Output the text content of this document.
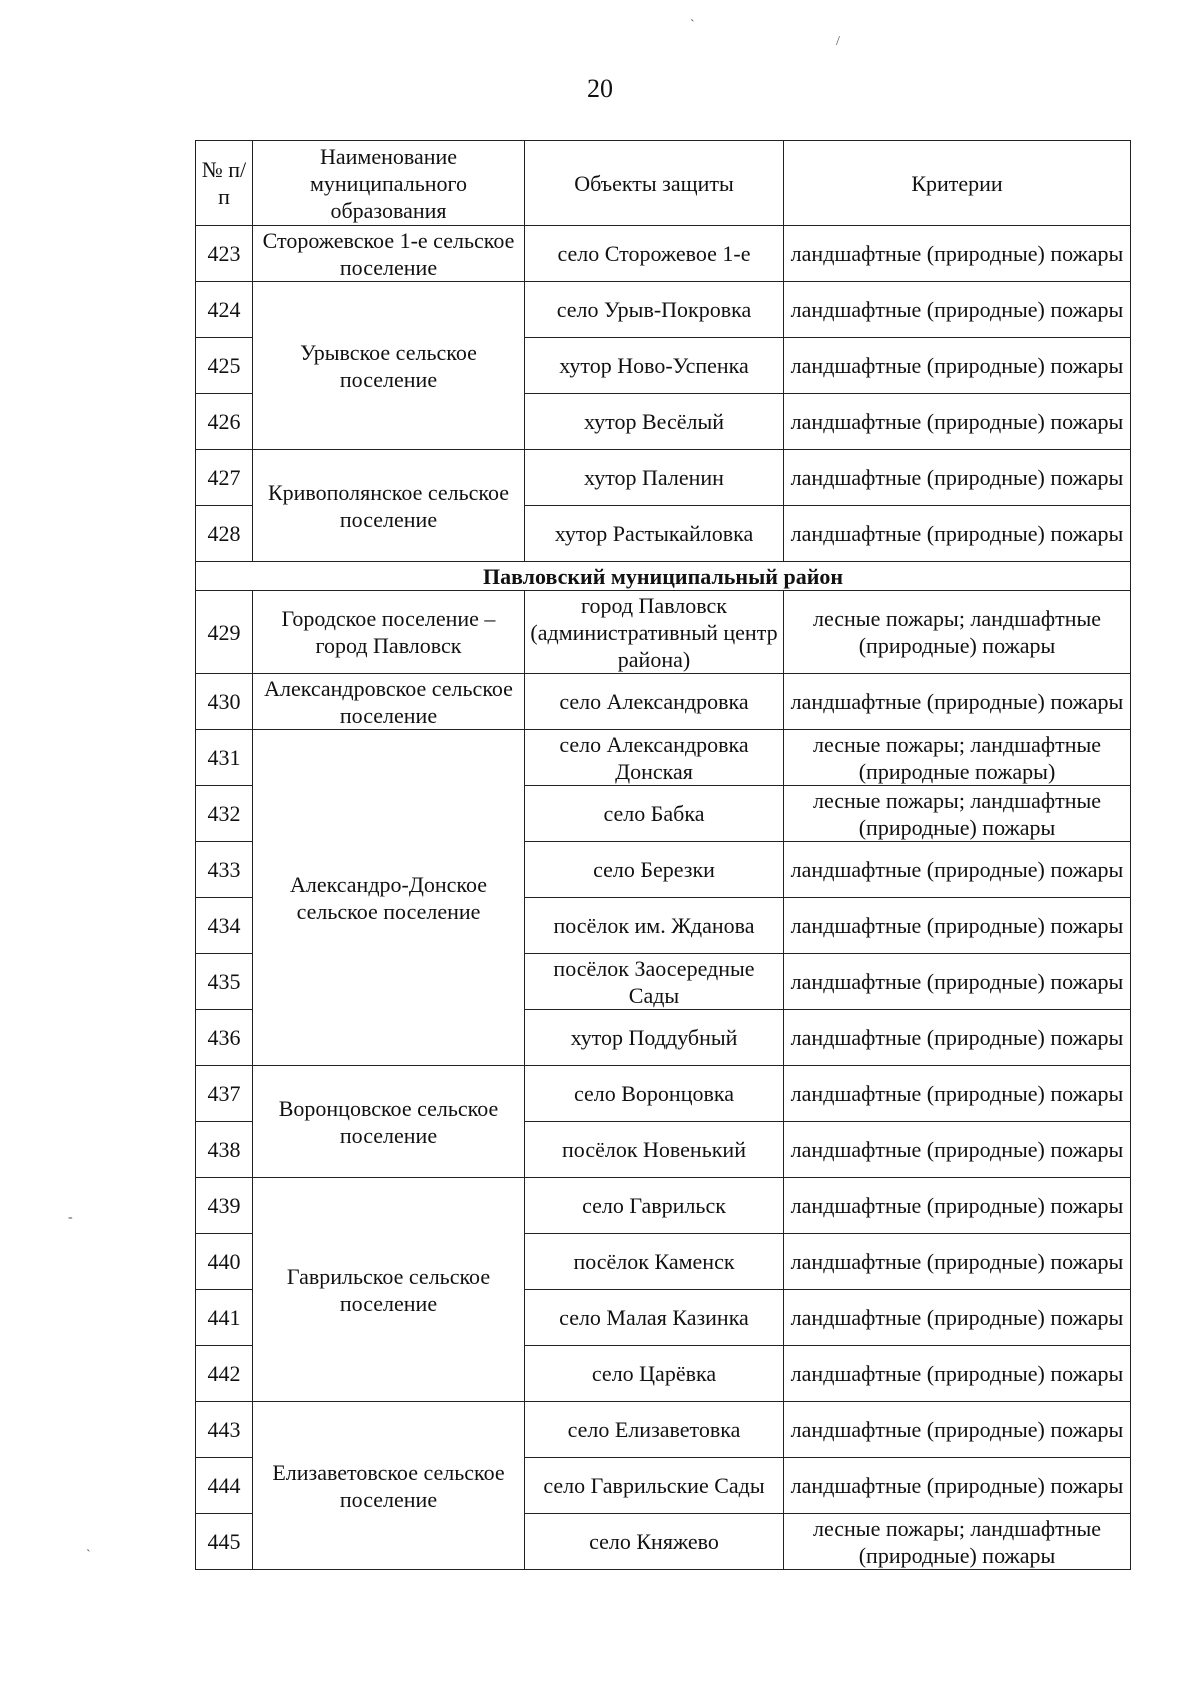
20
ˋ
/
№ п/п	Наименование муниципального образования	Объекты защиты	Критерии
423	Сторожевское 1-е сельское поселение	село Сторожевое 1-е	ландшафтные (природные) пожары
424	Урывское сельское поселение	село Урыв-Покровка	ландшафтные (природные) пожары
425		хутор Ново-Успенка	ландшафтные (природные) пожары
426		хутор Весёлый	ландшафтные (природные) пожары
427	Кривополянское сельское поселение	хутор Паленин	ландшафтные (природные) пожары
428		хутор Растыкайловка	ландшафтные (природные) пожары
Павловский муниципальный район			
429	Городское поселение – город Павловск	город Павловск (административный центр района)	лесные пожары; ландшафтные (природные) пожары
430	Александровское сельское поселение	село Александровка	ландшафтные (природные) пожары
431	Александро-Донское сельское поселение	село Александровка Донская	лесные пожары; ландшафтные (природные пожары)
432		село Бабка	лесные пожары; ландшафтные (природные) пожары
433		село Березки	ландшафтные (природные) пожары
434		посёлок им. Жданова	ландшафтные (природные) пожары
435		посёлок Заосередные Сады	ландшафтные (природные) пожары
436		хутор Поддубный	ландшафтные (природные) пожары
437	Воронцовское сельское поселение	село Воронцовка	ландшафтные (природные) пожары
438		посёлок Новенький	ландшафтные (природные) пожары
439	Гаврильское сельское поселение	село Гаврильск	ландшафтные (природные) пожары
440		посёлок Каменск	ландшафтные (природные) пожары
441		село Малая Казинка	ландшафтные (природные) пожары
442		село Царёвка	ландшафтные (природные) пожары
443	Елизаветовское сельское поселение	село Елизаветовка	ландшафтные (природные) пожары
444		село Гаврильские Сады	ландшафтные (природные) пожары
445		село Княжево	лесные пожары; ландшафтные (природные) пожары
-
ˋ
